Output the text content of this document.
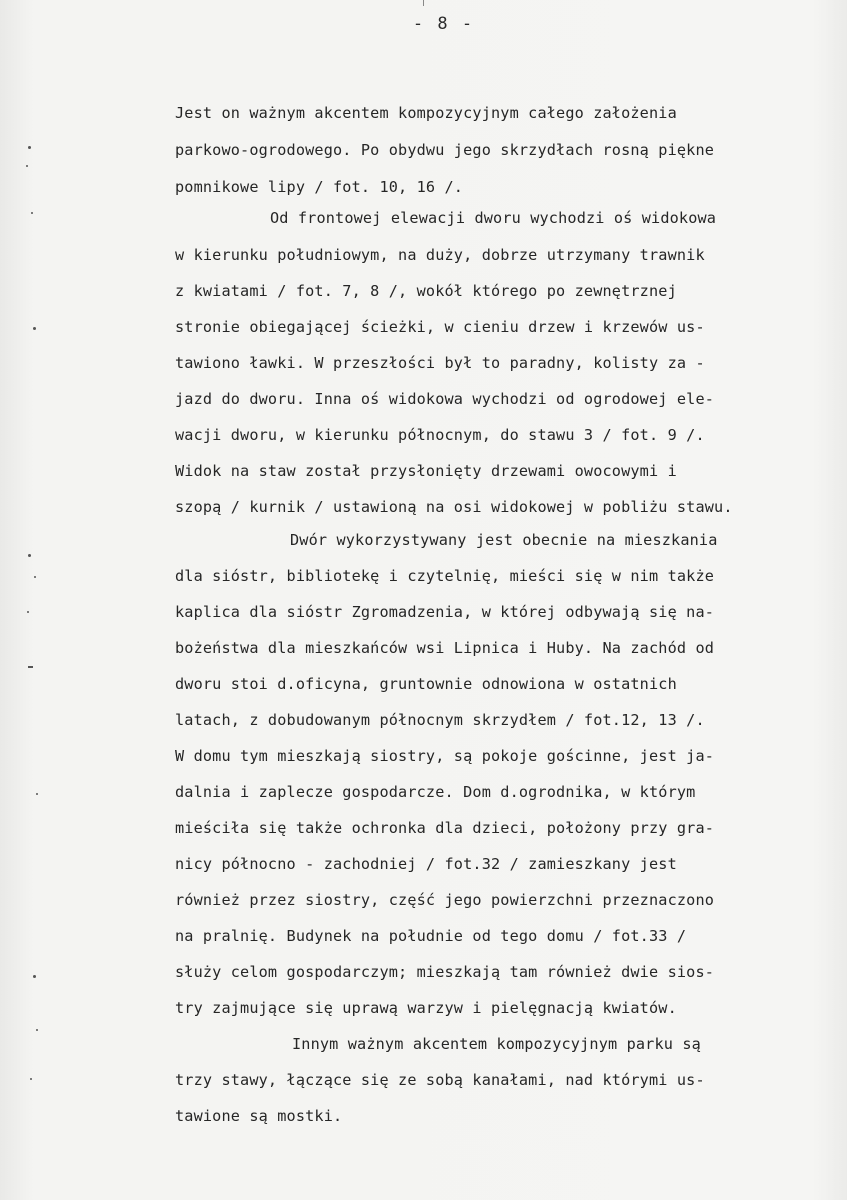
- 8 -
Jest on ważnym akcentem kompozycyjnym całego założenia
parkowo-ogrodowego. Po obydwu jego skrzydłach rosną piękne
pomnikowe lipy / fot. 10, 16 /.
Od frontowej elewacji dworu wychodzi oś widokowa
w kierunku południowym, na duży, dobrze utrzymany trawnik
z kwiatami / fot. 7, 8 /, wokół którego po zewnętrznej
stronie obiegającej ścieżki, w cieniu drzew i krzewów us-
tawiono ławki. W przeszłości był to paradny, kolisty za -
jazd do dworu. Inna oś widokowa wychodzi od ogrodowej ele-
wacji dworu, w kierunku północnym, do stawu 3 / fot. 9 /.
Widok na staw został przysłonięty drzewami owocowymi i
szopą / kurnik / ustawioną na osi widokowej w pobliżu stawu.
Dwór wykorzystywany jest obecnie na mieszkania
dla sióstr, bibliotekę i czytelnię, mieści się w nim także
kaplica dla sióstr Zgromadzenia, w której odbywają się na-
bożeństwa dla mieszkańców wsi Lipnica i Huby. Na zachód od
dworu stoi d.oficyna, gruntownie odnowiona w ostatnich
latach, z dobudowanym północnym skrzydłem / fot.12, 13 /.
W domu tym mieszkają siostry, są pokoje gościnne, jest ja-
dalnia i zaplecze gospodarcze. Dom d.ogrodnika, w którym
mieściła się także ochronka dla dzieci, położony przy gra-
nicy północno - zachodniej / fot.32 / zamieszkany jest
również przez siostry, część jego powierzchni przeznaczono
na pralnię. Budynek na południe od tego domu / fot.33 /
służy celom gospodarczym; mieszkają tam również dwie sios-
try zajmujące się uprawą warzyw i pielęgnacją kwiatów.
Innym ważnym akcentem kompozycyjnym parku są
trzy stawy, łączące się ze sobą kanałami, nad którymi us-
tawione są mostki.
